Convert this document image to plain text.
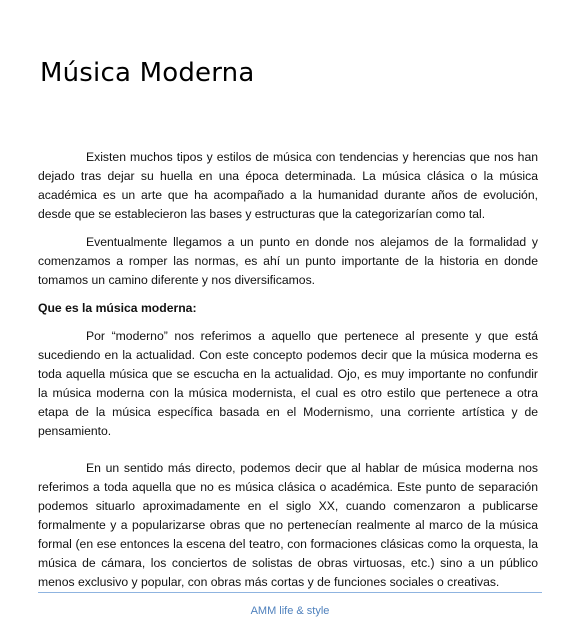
Música Moderna

Existen muchos tipos y estilos de música con tendencias y herencias que nos han dejado tras dejar su huella en una época determinada. La música clásica o la música académica es un arte que ha acompañado a la humanidad durante años de evolución, desde que se establecieron las bases y estructuras que la categorizarían como tal.

Eventualmente llegamos a un punto en donde nos alejamos de la formalidad y comenzamos a romper las normas, es ahí un punto importante de la historia en donde tomamos un camino diferente y nos diversificamos.

Que es la música moderna:

Por “moderno” nos referimos a aquello que pertenece al presente y que está sucediendo en la actualidad. Con este concepto podemos decir que la música moderna es toda aquella música que se escucha en la actualidad. Ojo, es muy importante no confundir la música moderna con la música modernista, el cual es otro estilo que pertenece a otra etapa de la música específica basada en el Modernismo, una corriente artística y de pensamiento.

En un sentido más directo, podemos decir que al hablar de música moderna nos referimos a toda aquella que no es música clásica o académica. Este punto de separación podemos situarlo aproximadamente en el siglo XX, cuando comenzaron a publicarse formalmente y a popularizarse obras que no pertenecían realmente al marco de la música formal (en ese entonces la escena del teatro, con formaciones clásicas como la orquesta, la música de cámara, los conciertos de solistas de obras virtuosas, etc.) sino a un público menos exclusivo y popular, con obras más cortas y de funciones sociales o creativas.

AMM life & style
